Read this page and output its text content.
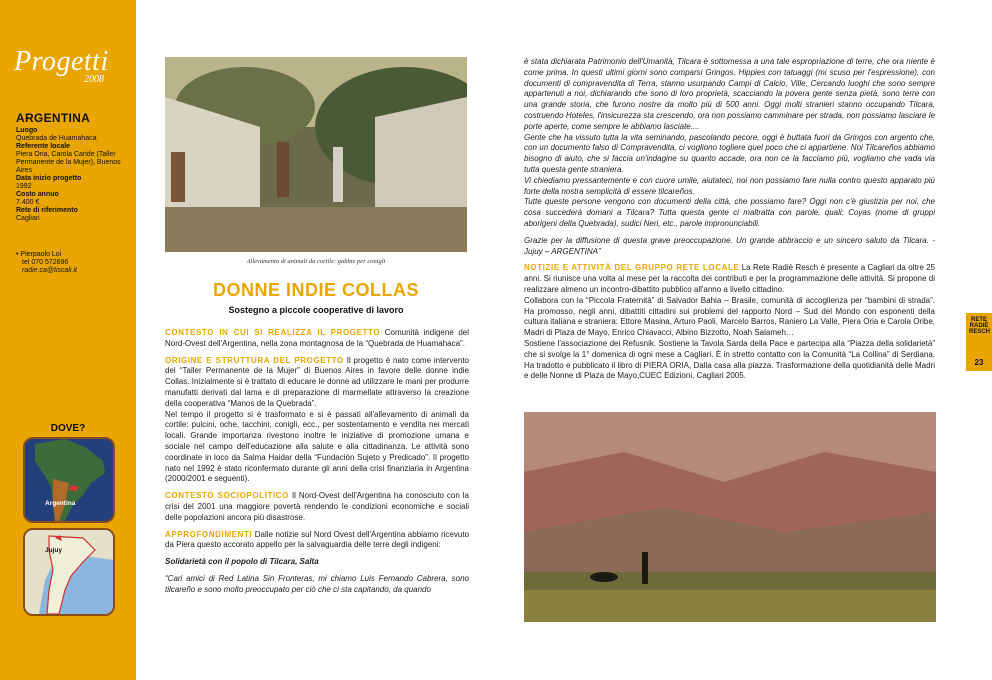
Progetti
2008
ARGENTINA
Luogo
Quebrada de Huamahaca
Referente locale
Piera Oria, Carola Caride (Taller Permanente de la Mujer), Buenos Aires
Data inizio progetto
1992
Costo annuo
7.400 €
Rete di riferimento
Cagliari
• Pierpaolo Loi
tel 070 572696
radie.ca@tiscali.it
DOVE?
Argentina
Jujuy
Allevamento di animali da cortile: gabbie per conigli
DONNE INDIE COLLAS
Sostegno a piccole cooperative di lavoro

CONTESTO IN CUI SI REALIZZA IL PROGETTO Comunità indigene del Nord-Ovest dell'Argentina, nella zona montagnosa de la “Quebrada de Huamahaca”.

ORIGINE E STRUTTURA DEL PROGETTO Il progetto è nato come intervento del “Taller Permanente de la Mujer” di Buenos Aires in favore delle donne indie Collas. Inizialmente si è trattato di educare le donne ad utilizzare le mani per produrre manufatti derivati dal lama e di preparazione di marmellate attraverso la creazione della cooperativa “Manos de la Quebrada”.

Nel tempo il progetto si è trasformato e si è passati all'allevamento di animali da cortile: pulcini, oche, tacchini, conigli, ecc., per sostentamento e vendita nei mercati locali. Grande importanza rivestono inoltre le iniziative di promozione umana e sociale nel campo dell'educazione alla salute e alla cittadinanza. Le attività sono coordinate in loco da Salma Haidar della “Fundación Sujeto y Predicado”. Il progetto nato nel 1992 è stato riconfermato durante gli anni della crisi finanziaria in Argentina (2000/2001 e seguenti).

CONTESTO SOCIOPOLITICO Il Nord-Ovest dell'Argentina ha conosciuto con la crisi del 2001 una maggiore povertà rendendo le condizioni economiche e sociali delle popolazioni ancora più disastrose.

APPROFONDIMENTI Dalle notizie sul Nord Ovest dell'Argentina abbiamo ricevuto da Piera questo accorato appello per la salvaguardia delle terre degli indigeni:

Solidarietà con il popolo di Tilcara, Salta

“Cari amici di Red Latina Sin Fronteras, mi chiamo Luis Fernando Cabrera, sono tilcareño e sono molto preoccupato per ciò che ci sta capitando, da quando

è stata dichiarata Patrimonio dell'Umanità, Tilcara è sottomessa a una tale espropriazione di terre, che ora niente è come prima. In questi ultimi giorni sono comparsi Gringos, Hippies con tatuaggi (mi scuso per l'espressione), con documenti di compravendita di Terra, stanno usurpando Campi di Calcio, Ville, Cercando luoghi che sono sempre appartenuti a noi, dichiarando che sono di loro proprietà, scacciando la povera gente senza pietà, sono terre con una grande storia, che furono nostre da molto più di 500 anni. Oggi molti stranieri stanno occupando Tilcara, costruendo Hoteles, l'insicurezza sta crescendo, ora non possiamo camminare per strada, non possiamo lasciare le porte aperte, come sempre le abbiamo lasciate....

Gente che ha vissuto tutta la vita seminando, pascolando pecore, oggi è buttata fuori da Gringos con argento che, con un documento falso di Compravendita, ci vogliono togliere quel poco che ci appartiene. Noi Tilcareños abbiamo bisogno di aiuto, che si faccia un'indagine su quanto accade, ora non ce la facciamo più, vogliamo che vada via tutta questa gente straniera.

Vi chiediamo pressantemente e con cuore umile, aiutateci, noi non possiamo fare nulla contro questo apparato più forte della nostra semplicità di essere tilcareños.

Tutte queste persone vengono con documenti della città, che possiamo fare? Oggi non c'è giustizia per noi, che cosa succederà domani a Tilcara? Tutta questa gente ci maltratta con parole, quali: Coyas (nome di gruppi aborigeni della Quebrada), sudici Neri, etc., parole impronunciabili.

Grazie per la diffusione di questa grave preoccupazione. Un grande abbraccio e un sincero saluto da Tilcara. - Jujuy – ARGENTINA”

NOTIZIE E ATTIVITÀ DEL GRUPPO RETE LOCALE La Rete Radiè Resch è presente a Cagliari da oltre 25 anni. Si riunisce una volta al mese per la raccolta dei contributi e per la programmazione delle attività. Si propone di realizzare almeno un incontro-dibattito pubblico all'anno a livello cittadino.

Collabora con la “Piccola Fraternità” di Salvador Bahia – Brasile, comunità di accoglienza per “bambini di strada”. Ha promosso, negli anni, dibattiti cittadini sui problemi del rapporto Nord – Sud del Mondo con esponenti della cultura italiana e straniera: Ettore Masina, Arturo Paoli, Marcelo Barros, Raniero La Valle, Piera Oria e Carola Oribe, Madri di Plaza de Mayo, Enrico Chiavacci, Albino Bizzotto, Noah Salameh…

Sostiene l'associazione dei Refusnik. Sostiene la Tavola Sarda della Pace e partecipa alla “Piazza della solidarietà” che si svolge la 1° domenica di ogni mese a Cagliari. È in stretto contatto con la Comunità “La Collina” di Serdiana. Ha tradotto e pubblicato il libro di PIERA ORIA, Dalla casa alla piazza. Trasformazione della quotidianità delle Madri e delle Nonne di Plaza de Mayo,CUEC Edizioni, Cagliari 2005.

RETE RADIÈ RESCH
23
